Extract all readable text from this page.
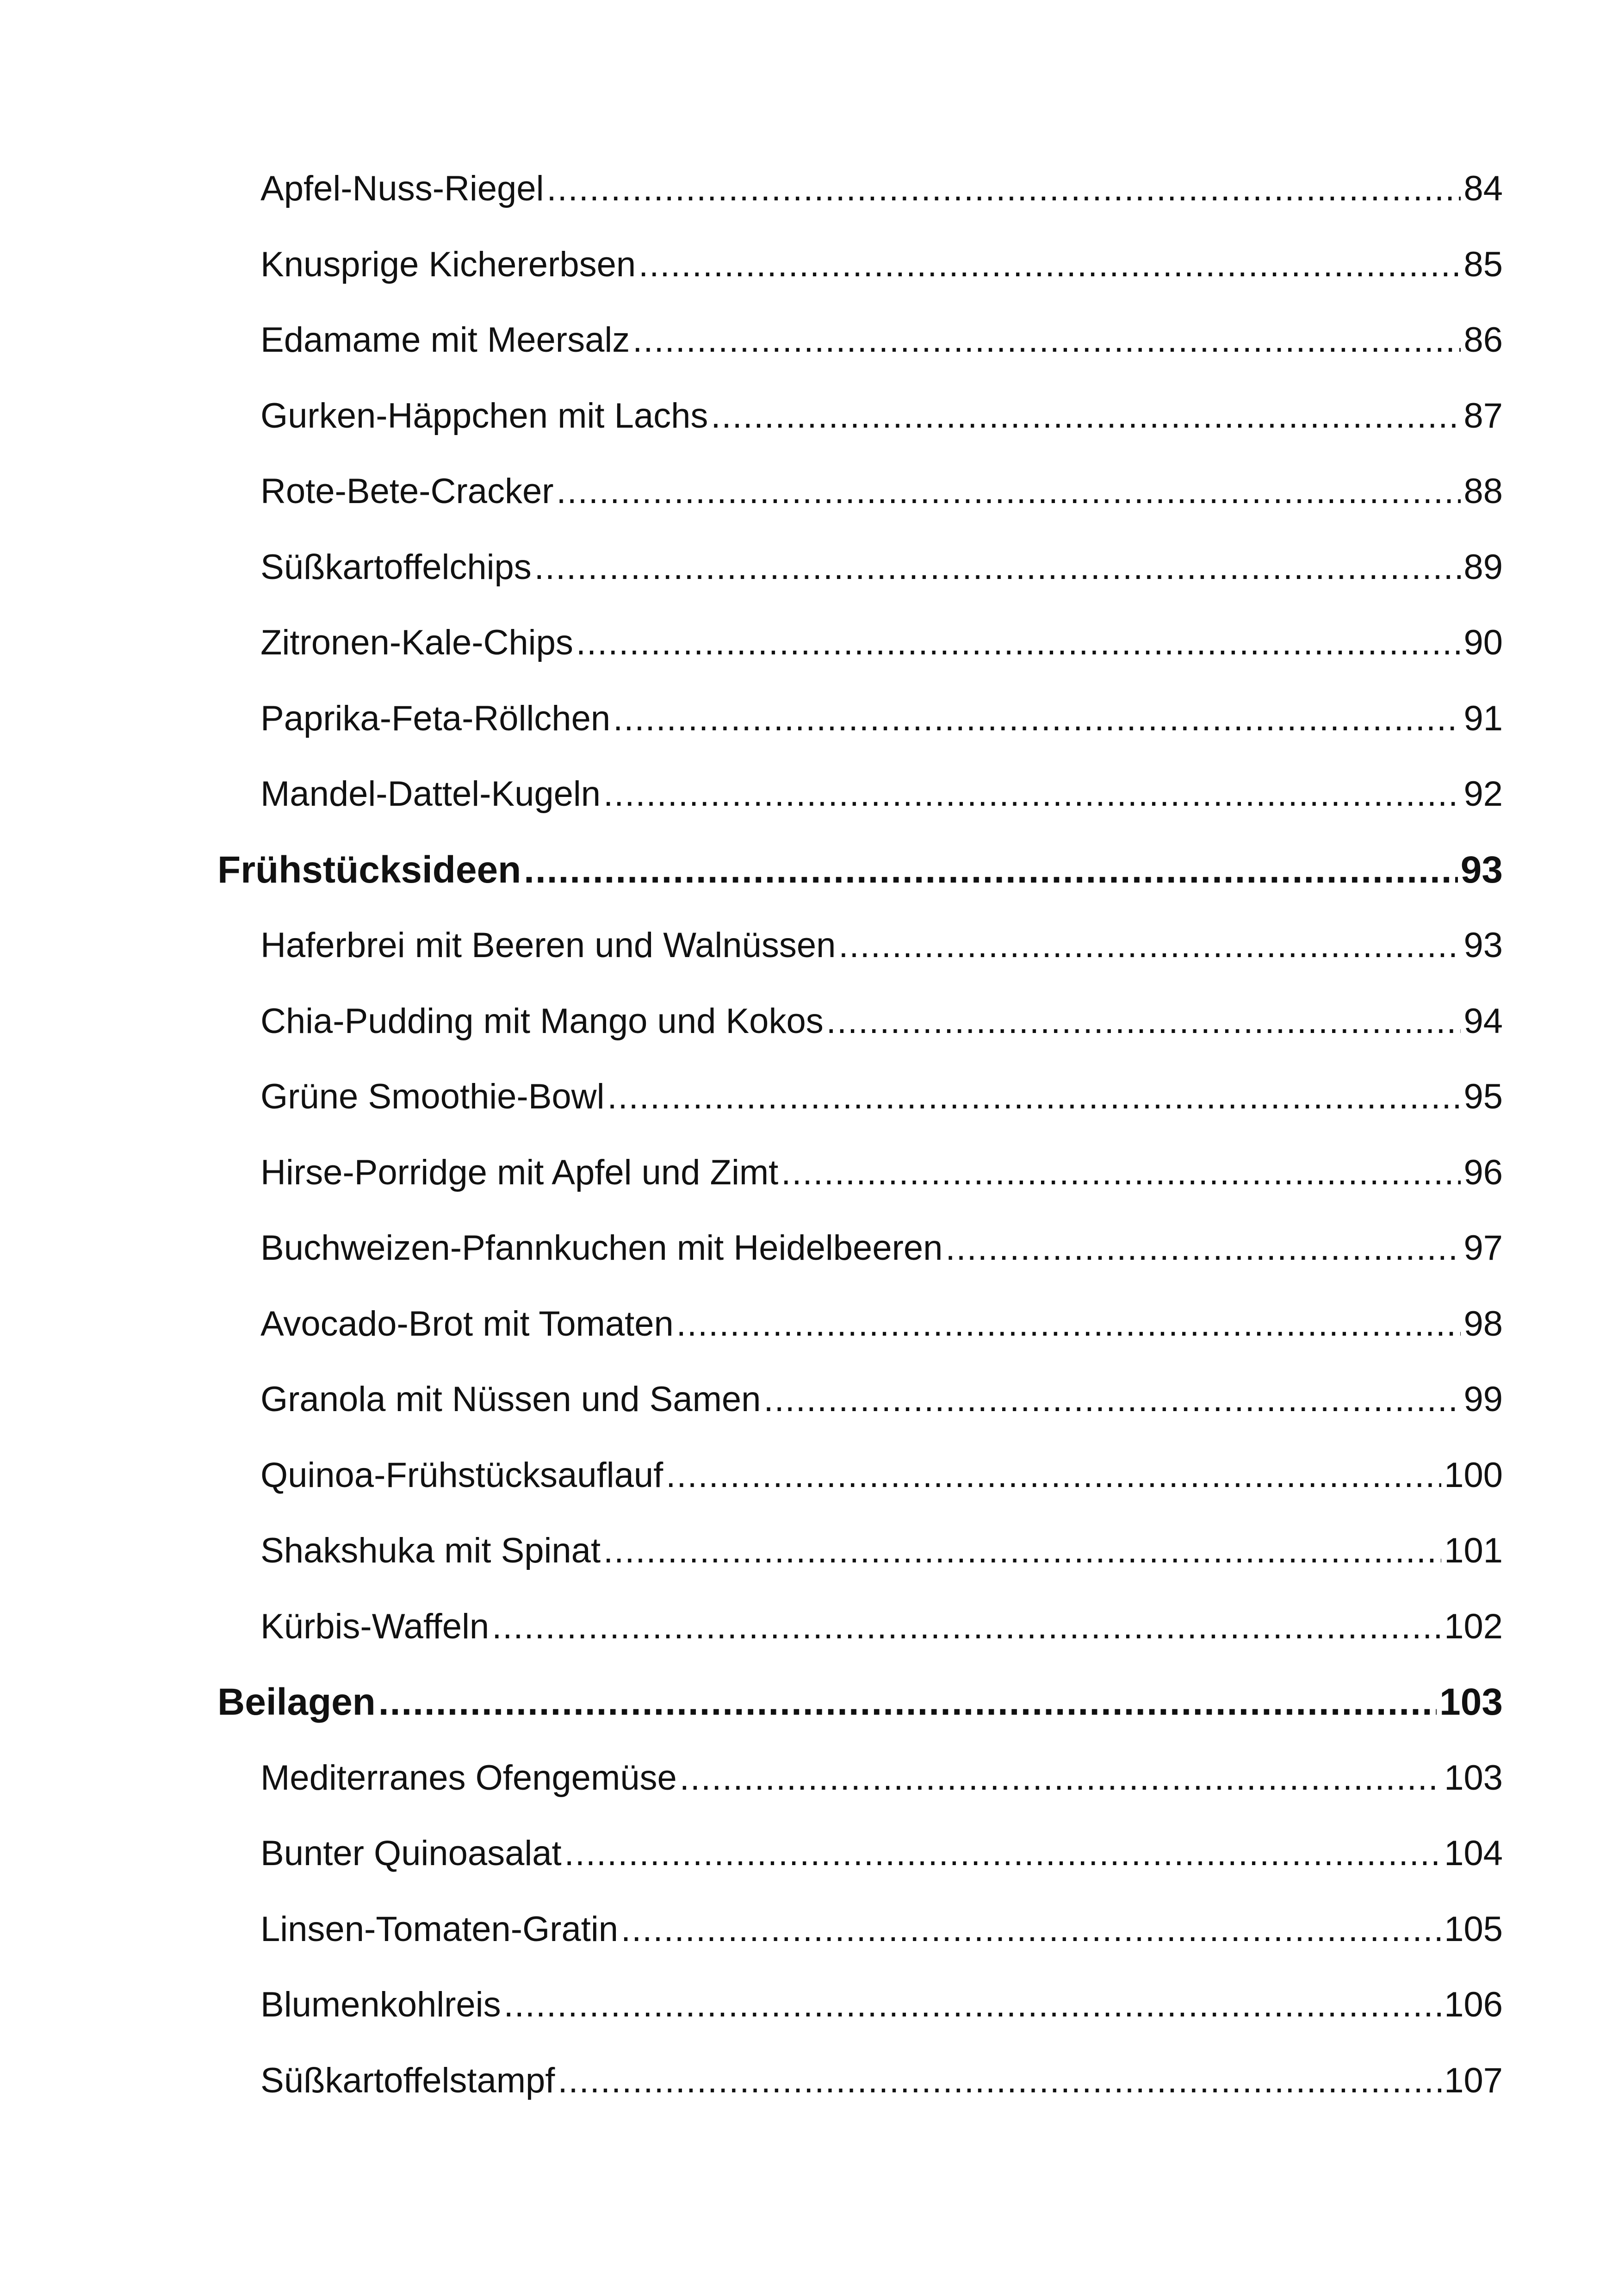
Apfel-Nuss-Riegel .....	84
Knusprige Kichererbsen .....	85
Edamame mit Meersalz .....	86
Gurken-Häppchen mit Lachs .....	87
Rote-Bete-Cracker .....	88
Süßkartoffelchips .....	89
Zitronen-Kale-Chips .....	90
Paprika-Feta-Röllchen .....	91
Mandel-Dattel-Kugeln .....	92
Frühstücksideen .....	93
Haferbrei mit Beeren und Walnüssen .....	93
Chia-Pudding mit Mango und Kokos .....	94
Grüne Smoothie-Bowl .....	95
Hirse-Porridge mit Apfel und Zimt .....	96
Buchweizen-Pfannkuchen mit Heidelbeeren .....	97
Avocado-Brot mit Tomaten .....	98
Granola mit Nüssen und Samen .....	99
Quinoa-Frühstücksauflauf .....	100
Shakshuka mit Spinat .....	101
Kürbis-Waffeln .....	102
Beilagen .....	103
Mediterranes Ofengemüse .....	103
Bunter Quinoasalat .....	104
Linsen-Tomaten-Gratin .....	105
Blumenkohlreis .....	106
Süßkartoffelstampf .....	107
